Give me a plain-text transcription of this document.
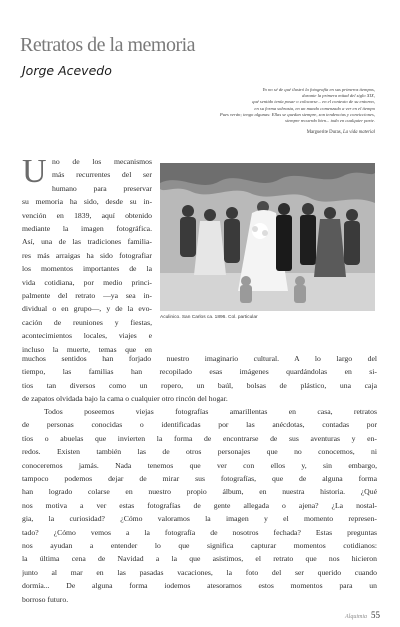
Retratos de la memoria
Jorge Acevedo
Yo no sé de qué ilustró la fotografía en sus primeros tiempos,
durante la primera mitad del siglo XIX,
qué sentido tenía posar o colocarse... en el contexto de su entorno,
en su forma sobrasta, en un mundo comenzado a ver en el tiempo
Pues verán; tengo algunas: Ellas se quedan siempre, son tendencias y convicciones,
siempre recuerdo bien... todo en cualquier parte.
Marguerite Duras, La vida material
U no de los mecanismos
más recurrentes del ser
humano para preservar
su memoria ha sido, desde su in-
vención en 1839, aquí obtenido
mediante la imagen fotográfica.
Así, una de las tradiciones familia-
res más arraigas ha sido fotografiar
los momentos importantes de la
vida cotidiana, por medio princi-
palmente del retrato —ya sea in-
dividual o en grupo—, y de la evo-
cación de reuniones y fiestas,
acontecimientos locales, viajes e
incluso la muerte, temas que en
Aculinico. San Carlos ca. 1896. Col. particular
muchos sentidos han forjado nuestro imaginario cultural. A lo largo del
tiempo, las familias han recopilado esas imágenes quardándolas en si-
tios tan diversos como un ropero, un baúl, bolsas de plástico, una caja
de zapatos olvidada bajo la cama o cualquier otro rincón del hogar.
Todos poseemos viejas fotografías amarillentas en casa, retratos
de personas conocidas o identificadas por las anécdotas, contadas por
tíos o abuelas que invierten la forma de encontrarse de sus aventuras y en-
redos. Existen también las de otros personajes que no conocemos, ni
conoceremos jamás. Nada tenemos que ver con ellos y, sin embargo,
tampoco podemos dejar de mirar sus fotografías, que de alguna forma
han logrado colarse en nuestro propio álbum, en nuestra historia. ¿Qué
nos motiva a ver estas fotografías de gente allegada o ajena? ¿La nostal-
gia, la curiosidad? ¿Cómo valoramos la imagen y el momento represen-
tado? ¿Cómo vemos a la fotografía de nosotros fechada? Estas preguntas
nos ayudan a entender lo que significa capturar momentos cotidianos:
la última cena de Navidad a la que asistimos, el retrato que nos hicieron
junto al mar en las pasadas vacaciones, la foto del ser querido cuando
dormía... De alguna forma iodemos atesoramos estos momentos para un
borroso futuro.
Alquimia 55
